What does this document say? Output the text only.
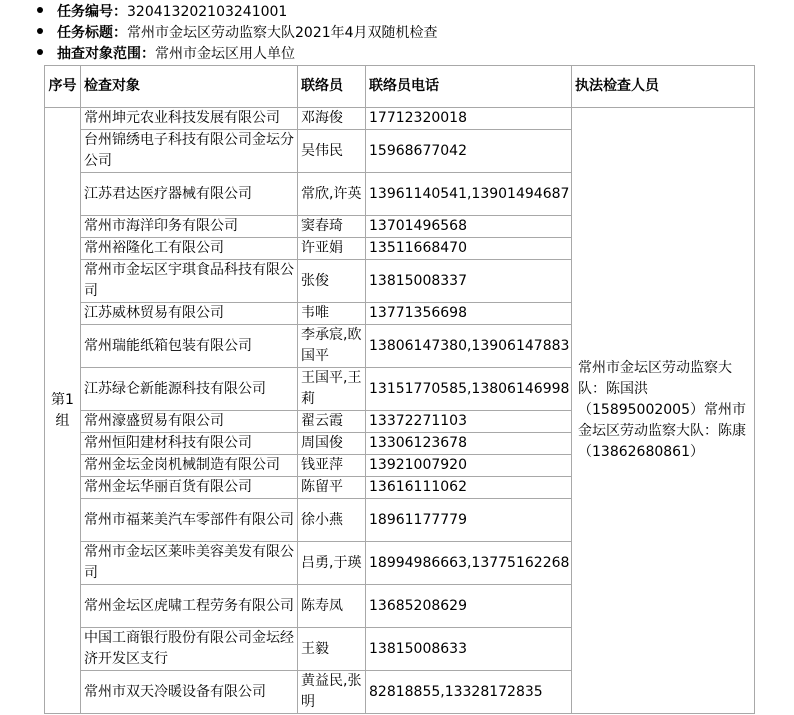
任务编号：320413202103241001
任务标题：常州市金坛区劳动监察大队2021年4月双随机检查
抽查对象范围：常州市金坛区用人单位
序号	检查对象	联络员	联络员电话	执法检查人员
第1组	常州坤元农业科技发展有限公司	邓海俊	17712320018	常州市金坛区劳动监察大队：陈国洪（15895002005）常州市金坛区劳动监察大队：陈康（13862680861）
	台州锦绣电子科技有限公司金坛分公司	吴伟民	15968677042	
	江苏君达医疗器械有限公司	常欣,许英	13961140541,13901494687	
	常州市海洋印务有限公司	窦春琦	13701496568	
	常州裕隆化工有限公司	许亚娟	13511668470	
	常州市金坛区宇琪食品科技有限公司	张俊	13815008337	
	江苏威林贸易有限公司	韦唯	13771356698	
	常州瑞能纸箱包装有限公司	李承宸,欧国平	13806147380,13906147883	
	江苏绿仑新能源科技有限公司	王国平,王莉	13151770585,13806146998	
	常州濠盛贸易有限公司	翟云霞	13372271103	
	常州恒阳建材科技有限公司	周国俊	13306123678	
	常州金坛金岗机械制造有限公司	钱亚萍	13921007920	
	常州金坛华丽百货有限公司	陈留平	13616111062	
	常州市福莱美汽车零部件有限公司	徐小燕	18961177779	
	常州市金坛区莱咔美容美发有限公司	吕勇,于瑛	18994986663,13775162268	
	常州金坛区虎啸工程劳务有限公司	陈寿凤	13685208629	
	中国工商银行股份有限公司金坛经济开发区支行	王毅	13815008633	
	常州市双天冷暖设备有限公司	黄益民,张明	82818855,13328172835	
